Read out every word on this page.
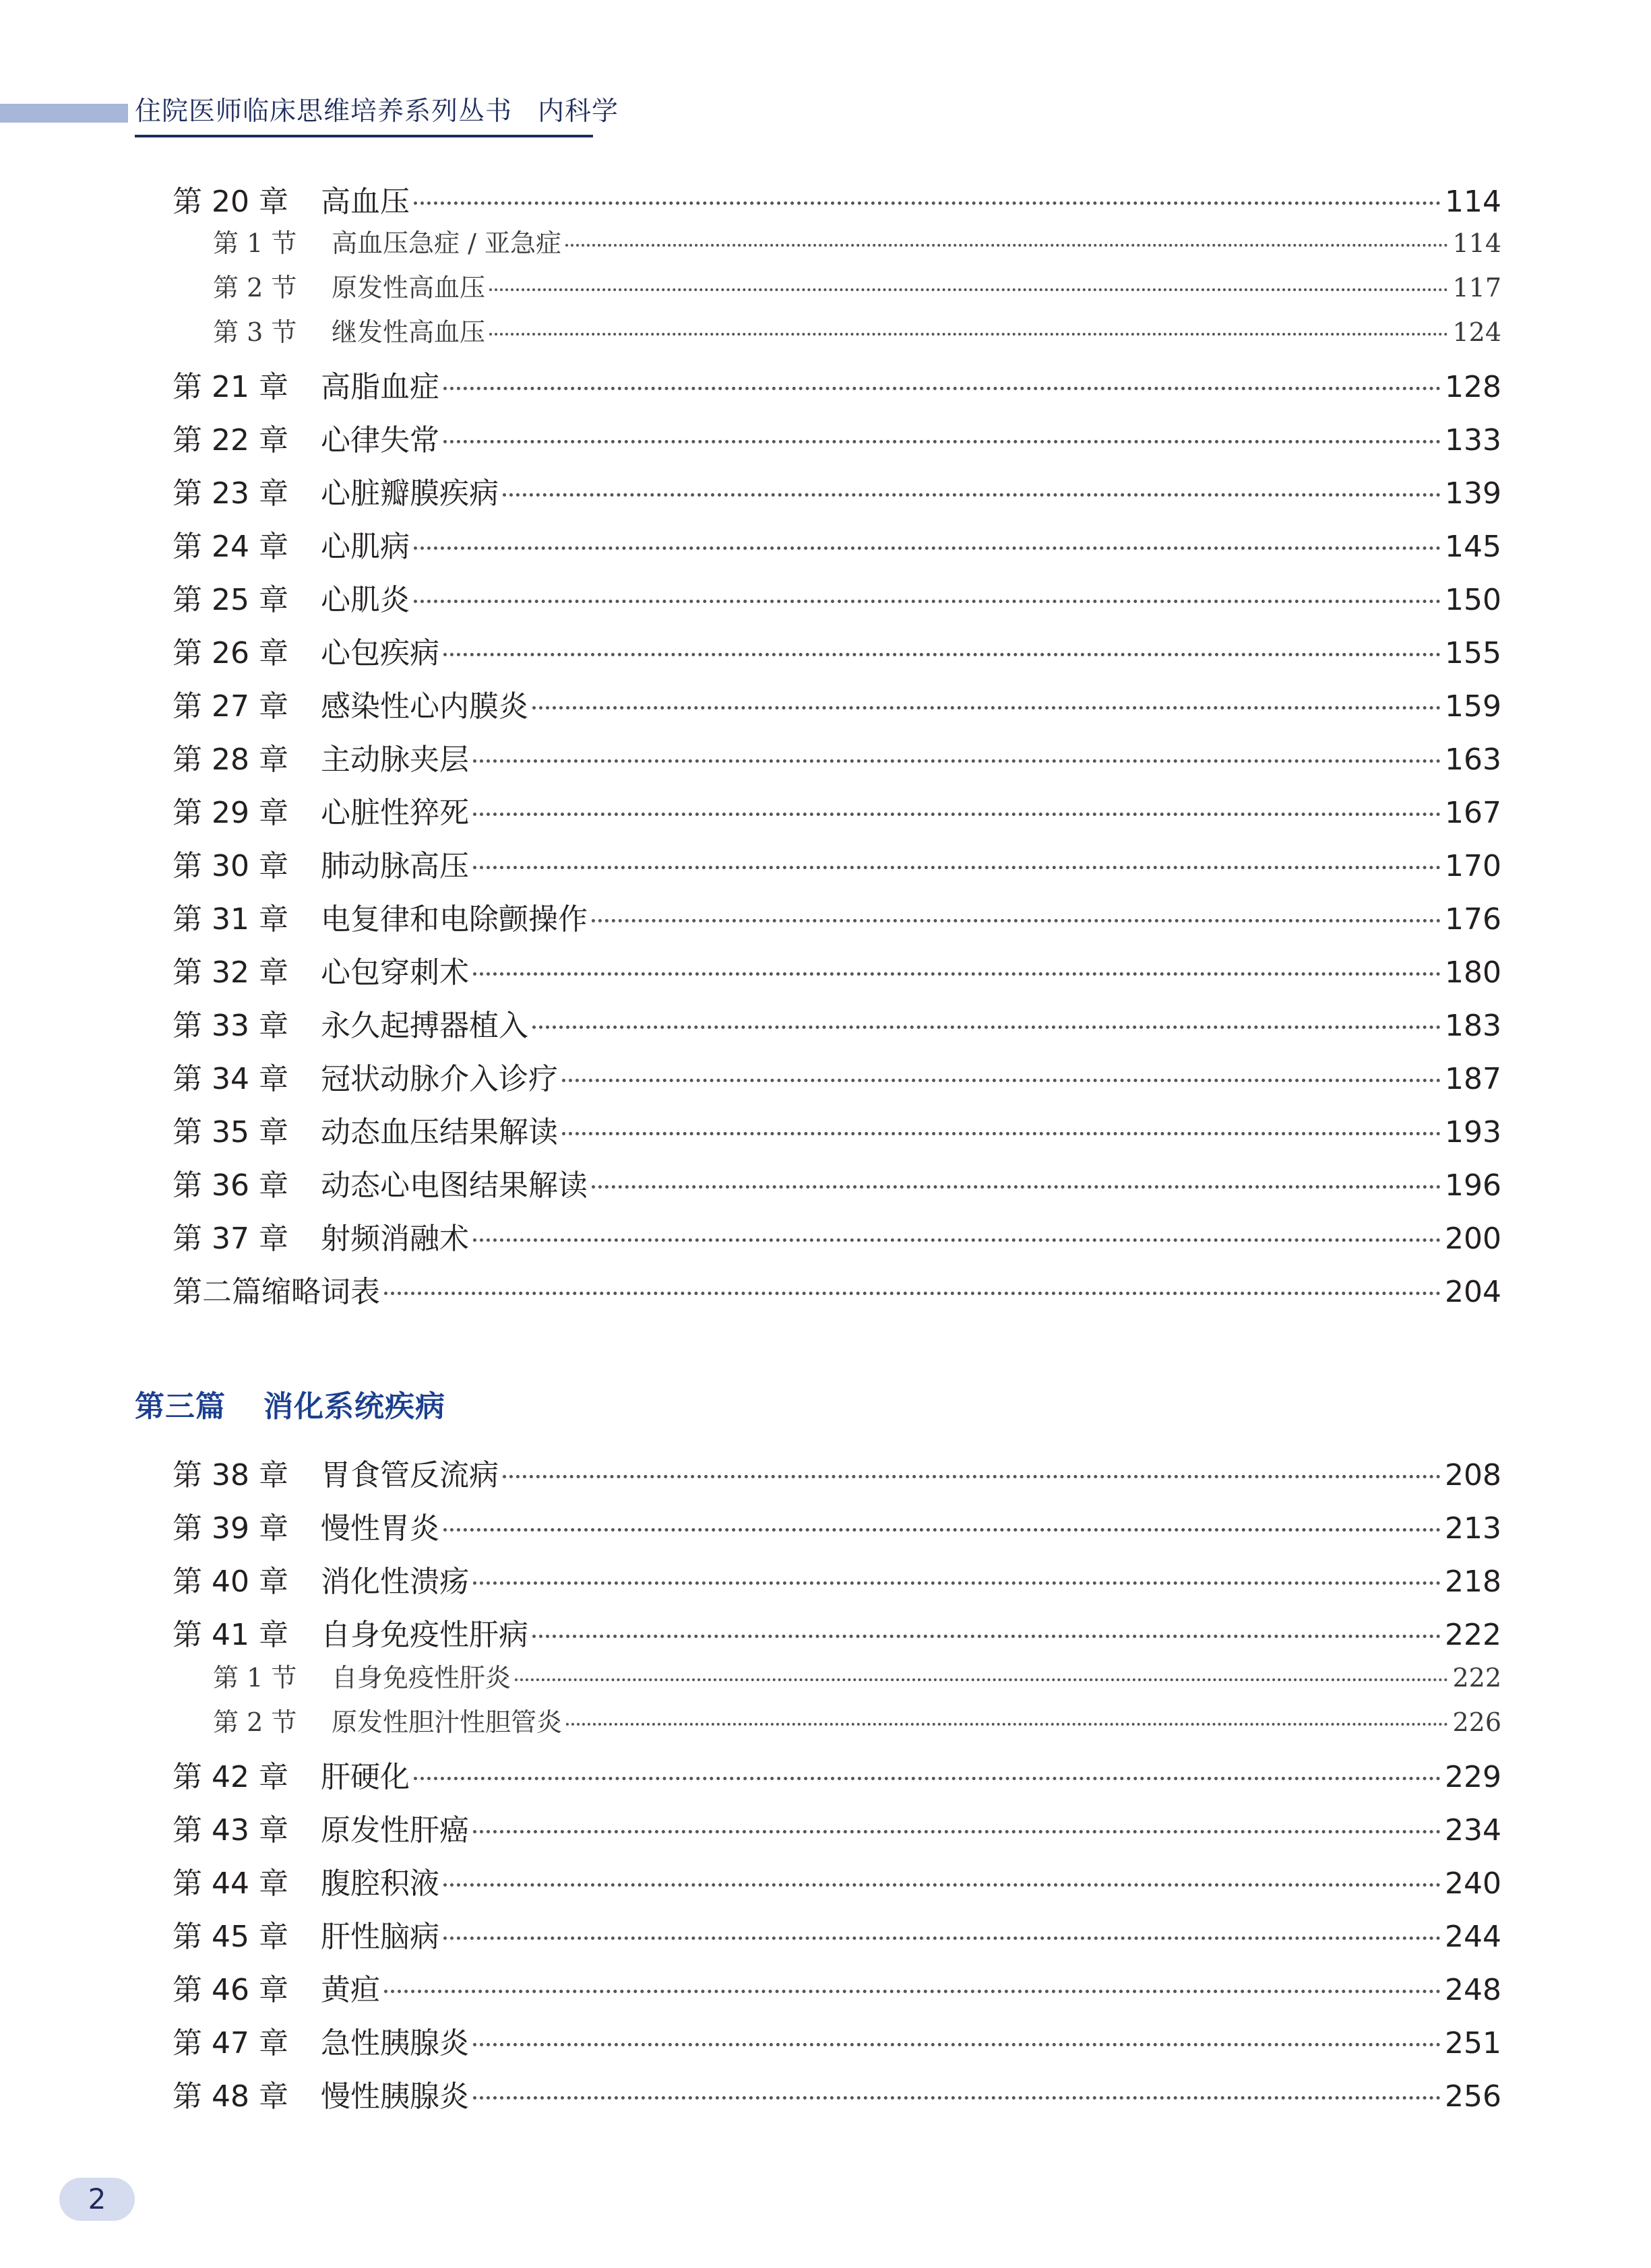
住院医师临床思维培养系列丛书 内科学
第 20 章	高血压	114
第 1 节	高血压急症 / 亚急症	114
第 2 节	原发性高血压	117
第 3 节	继发性高血压	124
第 21 章	高脂血症	128
第 22 章	心律失常	133
第 23 章	心脏瓣膜疾病	139
第 24 章	心肌病	145
第 25 章	心肌炎	150
第 26 章	心包疾病	155
第 27 章	感染性心内膜炎	159
第 28 章	主动脉夹层	163
第 29 章	心脏性猝死	167
第 30 章	肺动脉高压	170
第 31 章	电复律和电除颤操作	176
第 32 章	心包穿刺术	180
第 33 章	永久起搏器植入	183
第 34 章	冠状动脉介入诊疗	187
第 35 章	动态血压结果解读	193
第 36 章	动态心电图结果解读	196
第 37 章	射频消融术	200
第二篇缩略词表	204
第 38 章	胃食管反流病	208
第 39 章	慢性胃炎	213
第 40 章	消化性溃疡	218
第 41 章	自身免疫性肝病	222
第 1 节	自身免疫性肝炎	222
第 2 节	原发性胆汁性胆管炎	226
第 42 章	肝硬化	229
第 43 章	原发性肝癌	234
第 44 章	腹腔积液	240
第 45 章	肝性脑病	244
第 46 章	黄疸	248
第 47 章	急性胰腺炎	251
第 48 章	慢性胰腺炎	256
第三篇 消化系统疾病
2
